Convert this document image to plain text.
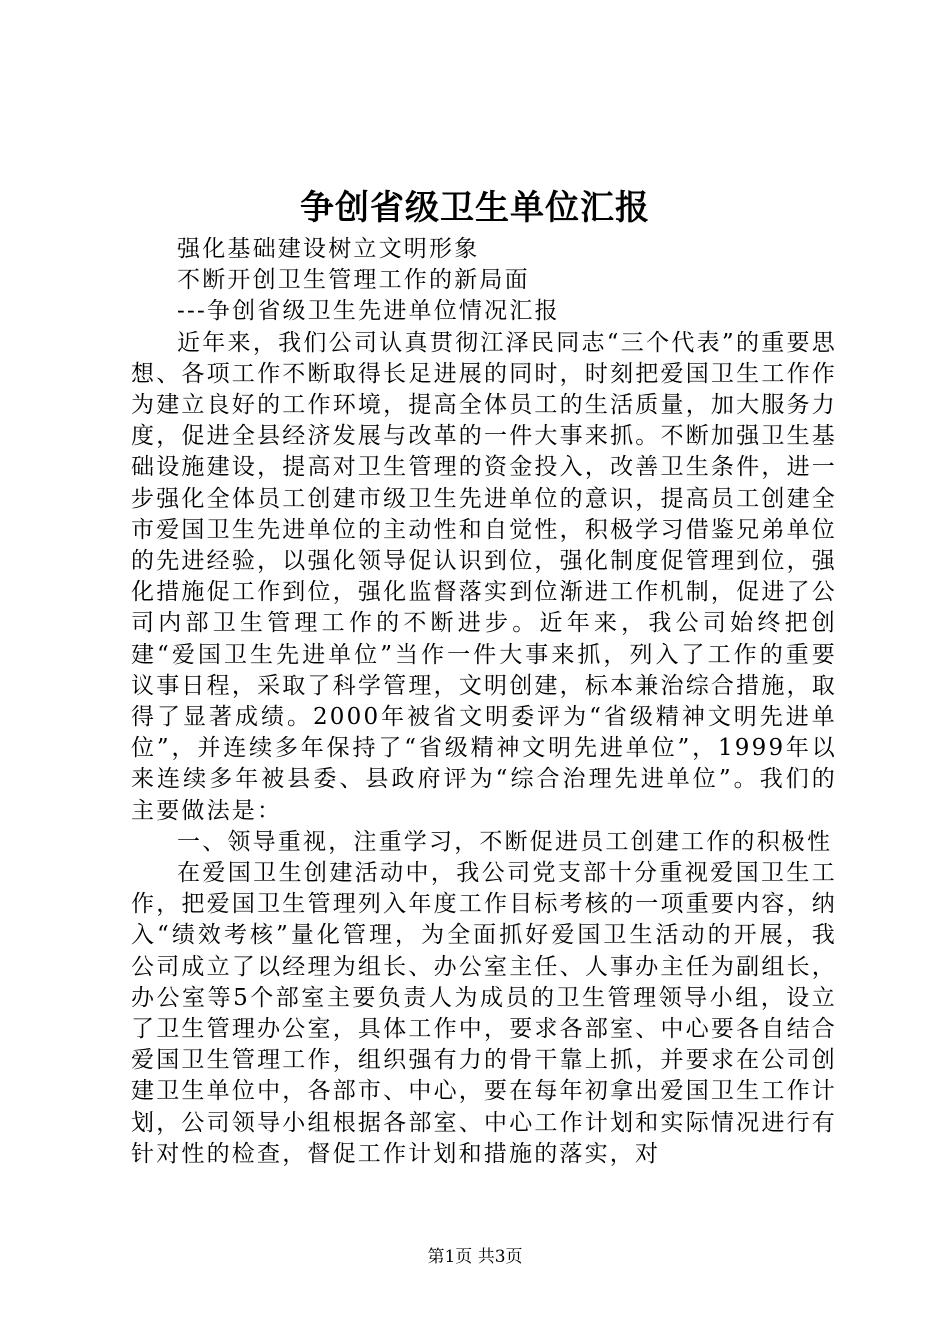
争创省级卫生单位汇报

强化基础建设树立文明形象

不断开创卫生管理工作的新局面

---争创省级卫生先进单位情况汇报

近年来，我们公司认真贯彻江泽民同志“三个代表”的重要思想、各项工作不断取得长足进展的同时，时刻把爱国卫生工作作为建立良好的工作环境，提高全体员工的生活质量，加大服务力度，促进全县经济发展与改革的一件大事来抓。不断加强卫生基础设施建设，提高对卫生管理的资金投入，改善卫生条件，进一步强化全体员工创建市级卫生先进单位的意识，提高员工创建全市爱国卫生先进单位的主动性和自觉性，积极学习借鉴兄弟单位的先进经验，以强化领导促认识到位，强化制度促管理到位，强化措施促工作到位，强化监督落实到位渐进工作机制，促进了公司内部卫生管理工作的不断进步。近年来，我公司始终把创建“爱国卫生先进单位”当作一件大事来抓，列入了工作的重要议事日程，采取了科学管理，文明创建，标本兼治综合措施，取得了显著成绩。2000年被省文明委评为“省级精神文明先进单位”，并连续多年保持了“省级精神文明先进单位”，1999年以来连续多年被县委、县政府评为“综合治理先进单位”。我们的主要做法是：

一、领导重视，注重学习，不断促进员工创建工作的积极性

在爱国卫生创建活动中，我公司党支部十分重视爱国卫生工作，把爱国卫生管理列入年度工作目标考核的一项重要内容，纳入“绩效考核”量化管理，为全面抓好爱国卫生活动的开展，我公司成立了以经理为组长、办公室主任、人事办主任为副组长，办公室等5个部室主要负责人为成员的卫生管理领导小组，设立了卫生管理办公室，具体工作中，要求各部室、中心要各自结合爱国卫生管理工作，组织强有力的骨干靠上抓，并要求在公司创建卫生单位中，各部市、中心，要在每年初拿出爱国卫生工作计划，公司领导小组根据各部室、中心工作计划和实际情况进行有针对性的检查，督促工作计划和措施的落实，对

第1页 共3页
